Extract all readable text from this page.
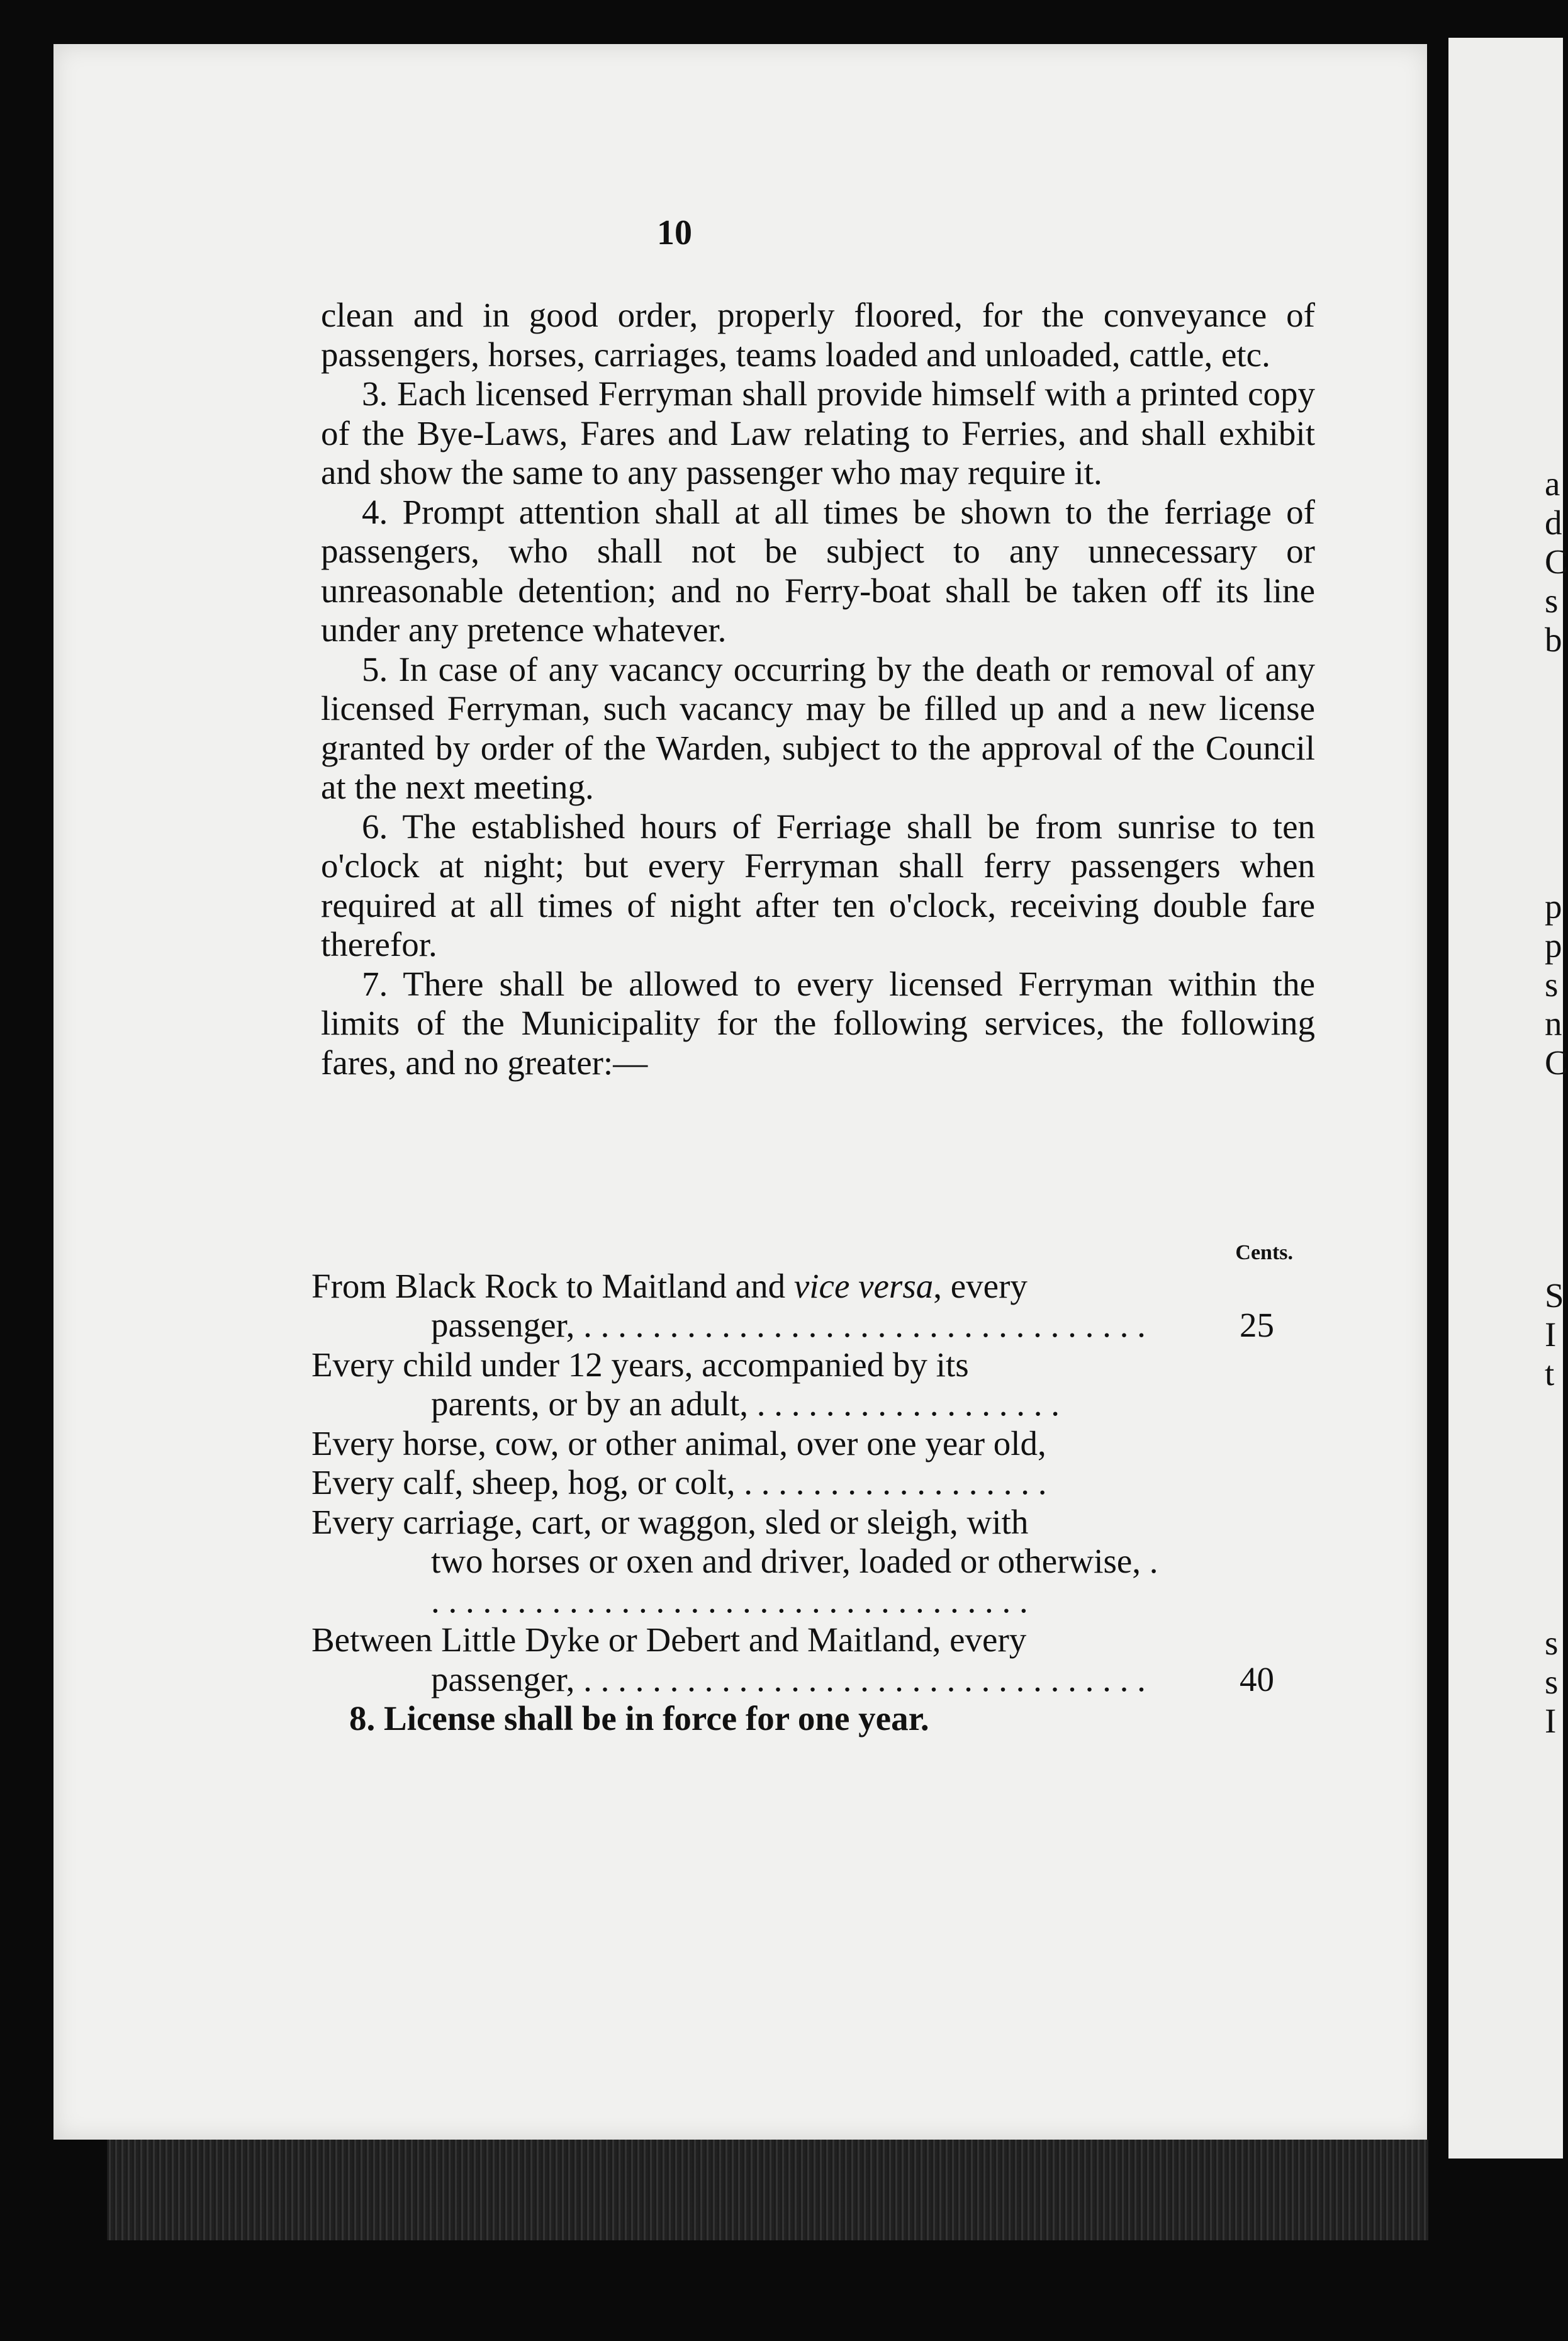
10

clean and in good order, properly floored, for the conveyance of passengers, horses, carriages, teams loaded and unloaded, cattle, etc.

3. Each licensed Ferryman shall provide himself with a printed copy of the Bye-Laws, Fares and Law relating to Ferries, and shall exhibit and show the same to any passenger who may require it.

4. Prompt attention shall at all times be shown to the ferriage of passengers, who shall not be subject to any unnecessary or unreasonable detention; and no Ferry-boat shall be taken off its line under any pretence whatever.

5. In case of any vacancy occurring by the death or removal of any licensed Ferryman, such vacancy may be filled up and a new license granted by order of the Warden, subject to the approval of the Council at the next meeting.

6. The established hours of Ferriage shall be from sunrise to ten o'clock at night; but every Ferryman shall ferry passengers when required at all times of night after ten o'clock, receiving double fare therefor.

7. There shall be allowed to every licensed Ferryman within the limits of the Municipality for the following services, the following fares, and no greater:—

Cents.
From Black Rock to Maitland and vice versa, every
passenger, . . . . . . . . . . . . . . . . . . . . . . . . . . . . . . . . .	25
Every child under 12 years, accompanied by its
parents, or by an adult, . . . . . . . . . . . . . . . . . .
Every horse, cow, or other animal, over one year old,
Every calf, sheep, hog, or colt, . . . . . . . . . . . . . . . . . .
Every carriage, cart, or waggon, sled or sleigh, with
two horses or oxen and driver, loaded or otherwise, . . . . . . . . . . . . . . . . . . . . . . . . . . . . . . . . . . . .
Between Little Dyke or Debert and Maitland, every
passenger, . . . . . . . . . . . . . . . . . . . . . . . . . . . . . . . . .	40
8. License shall be in force for one year.
a
d
C
s
b
p
p
s
n
C
S
I
t
s
s
I
